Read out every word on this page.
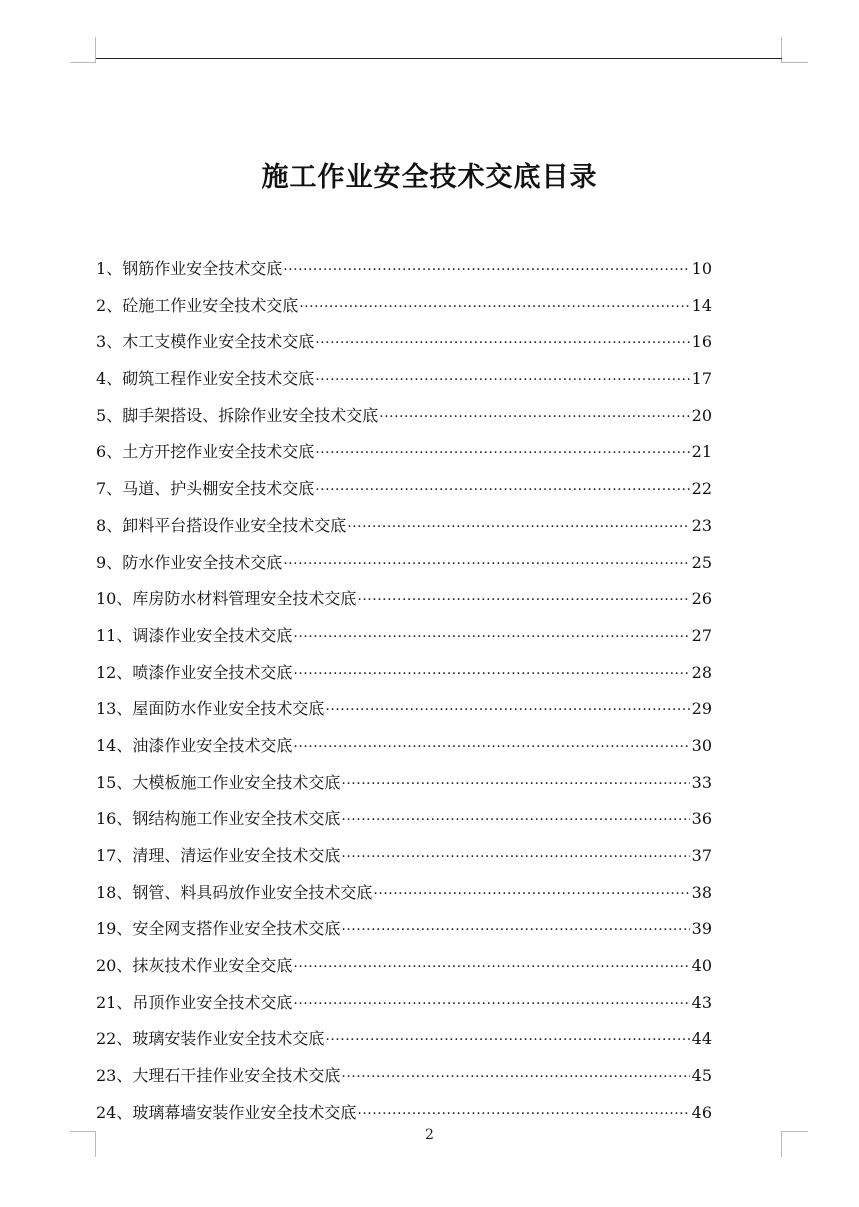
施工作业安全技术交底目录
1 、 钢筋作业安全技术交底 ·····	10
2 、 砼施工作业安全技术交底 ·····	14
3 、 木工支模作业安全技术交底 ·····	16
4 、 砌筑工程作业安全技术交底 ·····	17
5 、 脚手架搭设、拆除作业安全技术交底 ·····	20
6 、 土方开挖作业安全技术交底 ·····	21
7 、 马道、护头棚安全技术交底 ·····	22
8 、 卸料平台搭设作业安全技术交底 ·····	23
9 、 防水作业安全技术交底 ·····	25
10 、 库房防水材料管理安全技术交底 ·····	26
11 、 调漆作业安全技术交底 ·····	27
12 、 喷漆作业安全技术交底 ·····	28
13 、 屋面防水作业安全技术交底 ·····	29
14 、 油漆作业安全技术交底 ·····	30
15 、 大模板施工作业安全技术交底 ·····	33
16 、 钢结构施工作业安全技术交底 ·····	36
17 、 清理、清运作业安全技术交底 ·····	37
18 、 钢管、料具码放作业安全技术交底 ·····	38
19 、 安全网支搭作业安全技术交底 ·····	39
20 、 抹灰技术作业安全交底 ·····	40
21 、 吊顶作业安全技术交底 ·····	43
22 、 玻璃安装作业安全技术交底 ·····	44
23 、 大理石干挂作业安全技术交底 ·····	45
24 、 玻璃幕墙安装作业安全技术交底 ·····	46
2
